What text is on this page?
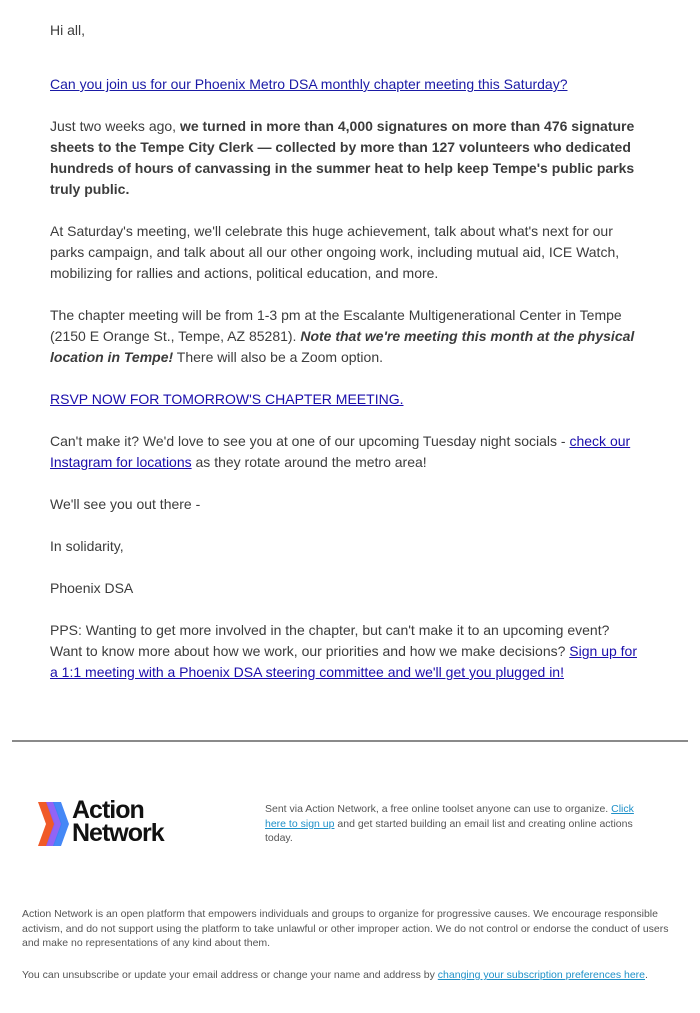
Hi all,

Can you join us for our Phoenix Metro DSA monthly chapter meeting this Saturday?

Just two weeks ago, we turned in more than 4,000 signatures on more than 476 signature sheets to the Tempe City Clerk — collected by more than 127 volunteers who dedicated hundreds of hours of canvassing in the summer heat to help keep Tempe's public parks truly public.

At Saturday's meeting, we'll celebrate this huge achievement, talk about what's next for our parks campaign, and talk about all our other ongoing work, including mutual aid, ICE Watch, mobilizing for rallies and actions, political education, and more.

The chapter meeting will be from 1-3 pm at the Escalante Multigenerational Center in Tempe (2150 E Orange St., Tempe, AZ 85281). Note that we're meeting this month at the physical location in Tempe! There will also be a Zoom option.

RSVP NOW FOR TOMORROW'S CHAPTER MEETING.

Can't make it? We'd love to see you at one of our upcoming Tuesday night socials - check our Instagram for locations as they rotate around the metro area!

We'll see you out there -

In solidarity,

Phoenix DSA

PPS: Wanting to get more involved in the chapter, but can't make it to an upcoming event? Want to know more about how we work, our priorities and how we make decisions? Sign up for a 1:1 meeting with a Phoenix DSA steering committee and we'll get you plugged in!

Action
Network
Sent via Action Network, a free online toolset anyone can use to organize. Click here to sign up and get started building an email list and creating online actions today.
Action Network is an open platform that empowers individuals and groups to organize for progressive causes. We encourage responsible activism, and do not support using the platform to take unlawful or other improper action. We do not control or endorse the conduct of users and make no representations of any kind about them.
You can unsubscribe or update your email address or change your name and address by changing your subscription preferences here.
